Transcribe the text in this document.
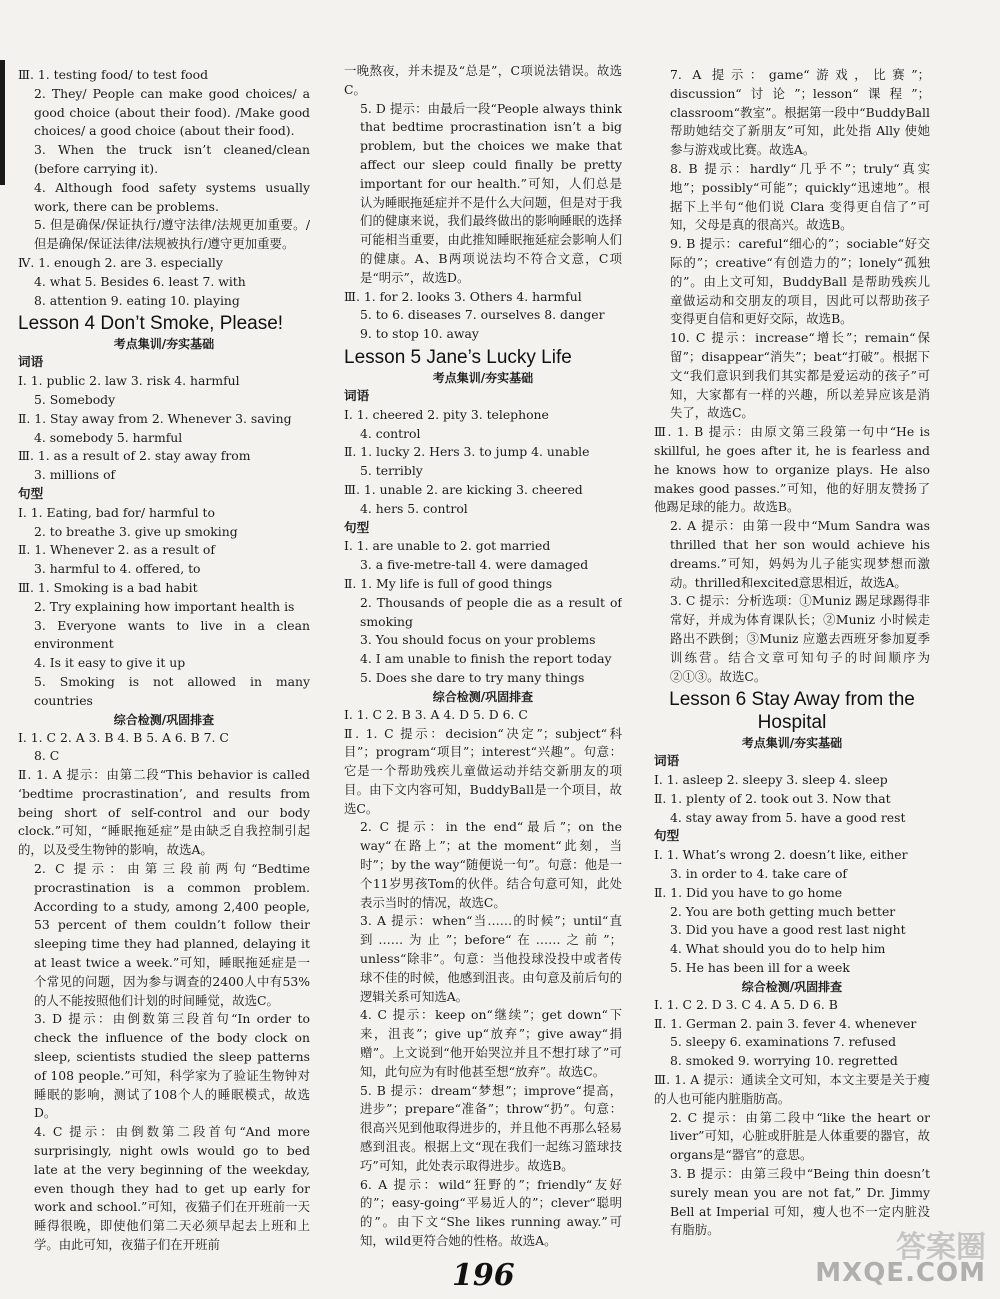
Ⅲ. 1. testing food/ to test food

2. They/ People can make good choices/ a good choice (about their food). /Make good choices/ a good choice (about their food).

3. When the truck isn’t cleaned/clean (before carrying it).

4. Although food safety systems usually work, there can be problems.

5. 但是确保/保证执行/遵守法律/法规更加重要。/但是确保/保证法律/法规被执行/遵守更加重要。

Ⅳ. 1. enough 2. are 3. especially

4. what 5. Besides 6. least 7. with

8. attention 9. eating 10. playing

Lesson 4 Don’t Smoke, Please!

考点集训/夯实基础

词语

Ⅰ. 1. public 2. law 3. risk 4. harmful

5. Somebody

Ⅱ. 1. Stay away from 2. Whenever 3. saving

4. somebody 5. harmful

Ⅲ. 1. as a result of 2. stay away from

3. millions of

句型

Ⅰ. 1. Eating, bad for/ harmful to

2. to breathe 3. give up smoking

Ⅱ. 1. Whenever 2. as a result of

3. harmful to 4. offered, to

Ⅲ. 1. Smoking is a bad habit

2. Try explaining how important health is

3. Everyone wants to live in a clean environment

4. Is it easy to give it up

5. Smoking is not allowed in many countries

综合检测/巩固排查

Ⅰ. 1. C 2. A 3. B 4. B 5. A 6. B 7. C

8. C

Ⅱ. 1. A 提示：由第二段“This behavior is called ‘bedtime procrastination’, and results from being short of self-control and our body clock.”可知，“睡眠拖延症”是由缺乏自我控制引起的，以及受生物钟的影响，故选A。

2. C 提示：由第三段前两句“Bedtime procrastination is a common problem. According to a study, among 2,400 people, 53 percent of them couldn’t follow their sleeping time they had planned, delaying it at least twice a week.”可知，睡眠拖延症是一个常见的问题，因为参与调查的2400人中有53%的人不能按照他们计划的时间睡觉，故选C。

3. D 提示：由倒数第三段首句“In order to check the influence of the body clock on sleep, scientists studied the sleep patterns of 108 people.”可知，科学家为了验证生物钟对睡眠的影响，测试了108个人的睡眠模式，故选D。

4. C 提示：由倒数第二段首句“And more surprisingly, night owls would go to bed late at the very beginning of the weekday, even though they had to get up early for work and school.”可知，夜猫子们在开班前一天睡得很晚，即使他们第二天必须早起去上班和上学。由此可知，夜猫子们在开班前

一晚熬夜，并未提及“总是”，C项说法错误。故选C。

5. D 提示：由最后一段“People always think that bedtime procrastination isn’t a big problem, but the choices we make that affect our sleep could finally be pretty important for our health.”可知，人们总是认为睡眠拖延症并不是什么大问题，但是对于我们的健康来说，我们最终做出的影响睡眠的选择可能相当重要，由此推知睡眠拖延症会影响人们的健康。A、B两项说法均不符合文意，C项是“明示”，故选D。

Ⅲ. 1. for 2. looks 3. Others 4. harmful

5. to 6. diseases 7. ourselves 8. danger

9. to stop 10. away

Lesson 5 Jane’s Lucky Life

考点集训/夯实基础

词语

Ⅰ. 1. cheered 2. pity 3. telephone

4. control

Ⅱ. 1. lucky 2. Hers 3. to jump 4. unable

5. terribly

Ⅲ. 1. unable 2. are kicking 3. cheered

4. hers 5. control

句型

Ⅰ. 1. are unable to 2. got married

3. a five-metre-tall 4. were damaged

Ⅱ. 1. My life is full of good things

2. Thousands of people die as a result of smoking

3. You should focus on your problems

4. I am unable to finish the report today

5. Does she dare to try many things

综合检测/巩固排查

Ⅰ. 1. C 2. B 3. A 4. D 5. D 6. C

Ⅱ. 1. C 提示：decision“决定”；subject“科目”；program“项目”；interest“兴趣”。句意：它是一个帮助残疾儿童做运动并结交新朋友的项目。由下文内容可知，BuddyBall是一个项目，故选C。

2. C 提示：in the end“最后”；on the way“在路上”；at the moment“此刻，当时”；by the way“随便说一句”。句意：他是一个11岁男孩Tom的伙伴。结合句意可知，此处表示当时的情况，故选C。

3. A 提示：when“当……的时候”；until“直到……为止”；before“在……之前”；unless“除非”。句意：当他投球没投中或者传球不佳的时候，他感到沮丧。由句意及前后句的逻辑关系可知选A。

4. C 提示：keep on“继续”；get down“下来，沮丧”；give up“放弃”；give away“捐赠”。上文说到“他开始哭泣并且不想打球了”可知，此句应为有时他甚至想“放弃”。故选C。

5. B 提示：dream“梦想”；improve“提高，进步”；prepare“准备”；throw“扔”。句意：很高兴见到他取得进步的，并且他不再那么轻易感到沮丧。根据上文“现在我们一起练习篮球技巧”可知，此处表示取得进步。故选B。

6. A 提示：wild“狂野的”；friendly“友好的”；easy-going“平易近人的”；clever“聪明的”。由下文“She likes running away.”可知，wild更符合她的性格。故选A。

7. A 提示：game“游戏，比赛”；discussion“讨论”；lesson“课程”；classroom“教室”。根据第一段中“BuddyBall 帮助她结交了新朋友”可知，此处指 Ally 使她参与游戏或比赛。故选A。

8. B 提示：hardly“几乎不”；truly“真实地”；possibly“可能”；quickly“迅速地”。根据下上半句“他们说 Clara 变得更自信了”可知，父母是真的很高兴。故选B。

9. B 提示：careful“细心的”；sociable“好交际的”；creative“有创造力的”；lonely“孤独的”。由上文可知，BuddyBall 是帮助残疾儿童做运动和交朋友的项目，因此可以帮助孩子变得更自信和更好交际，故选B。

10. C 提示：increase“增长”；remain“保留”；disappear“消失”；beat“打破”。根据下文“我们意识到我们其实都是爱运动的孩子”可知，大家都有一样的兴趣，所以差异应该是消失了，故选C。

Ⅲ. 1. B 提示：由原文第三段第一句中“He is skillful, he goes after it, he is fearless and he knows how to organize plays. He also makes good passes.”可知，他的好朋友赞扬了他踢足球的能力。故选B。

2. A 提示：由第一段中“Mum Sandra was thrilled that her son would achieve his dreams.”可知，妈妈为儿子能实现梦想而激动。thrilled和excited意思相近，故选A。

3. C 提示：分析选项：①Muniz 踢足球踢得非常好，并成为体育课队长；②Muniz 小时候走路出不跌倒；③Muniz 应邀去西班牙参加夏季训练营。结合文章可知句子的时间顺序为②①③。故选C。

Lesson 6 Stay Away from the Hospital

考点集训/夯实基础

词语

Ⅰ. 1. asleep 2. sleepy 3. sleep 4. sleep

Ⅱ. 1. plenty of 2. took out 3. Now that

4. stay away from 5. have a good rest

句型

Ⅰ. 1. What’s wrong 2. doesn’t like, either

3. in order to 4. take care of

Ⅱ. 1. Did you have to go home

2. You are both getting much better

3. Did you have a good rest last night

4. What should you do to help him

5. He has been ill for a week

综合检测/巩固排查

Ⅰ. 1. C 2. D 3. C 4. A 5. D 6. B

Ⅱ. 1. German 2. pain 3. fever 4. whenever

5. sleepy 6. examinations 7. refused

8. smoked 9. worrying 10. regretted

Ⅲ. 1. A 提示：通读全文可知，本文主要是关于瘦的人也可能内脏脂肪高。

2. C 提示：由第二段中“like the heart or liver”可知，心脏或肝脏是人体重要的器官，故organs是“器官”的意思。

3. B 提示：由第三段中“Being thin doesn’t surely mean you are not fat,” Dr. Jimmy Bell at Imperial 可知，瘦人也不一定内脏没有脂肪。

196
答案圈
MXQE.COM
